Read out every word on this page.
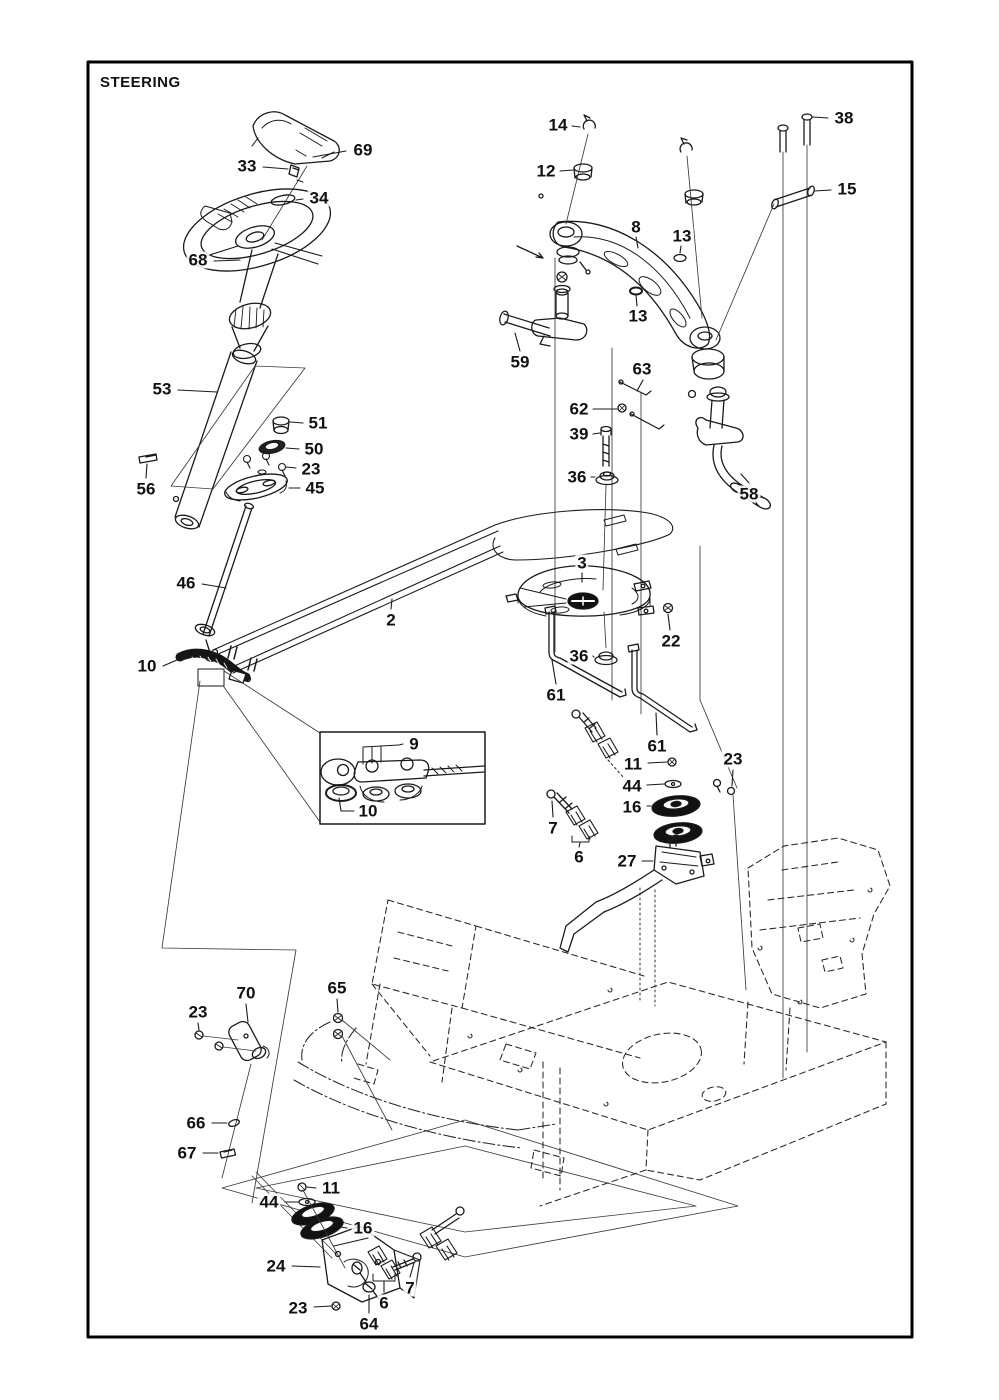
STEERING
69
33
34
68
14
12
38
15
8 13
13
59
53
51
50
23
45
56
63
62
39
36
58
3
22
36
61
61
10
2
46
9
10
11
44
16
23
7
6 27
70
23
65
66
67
11
44
16
24
7
6
23
64
